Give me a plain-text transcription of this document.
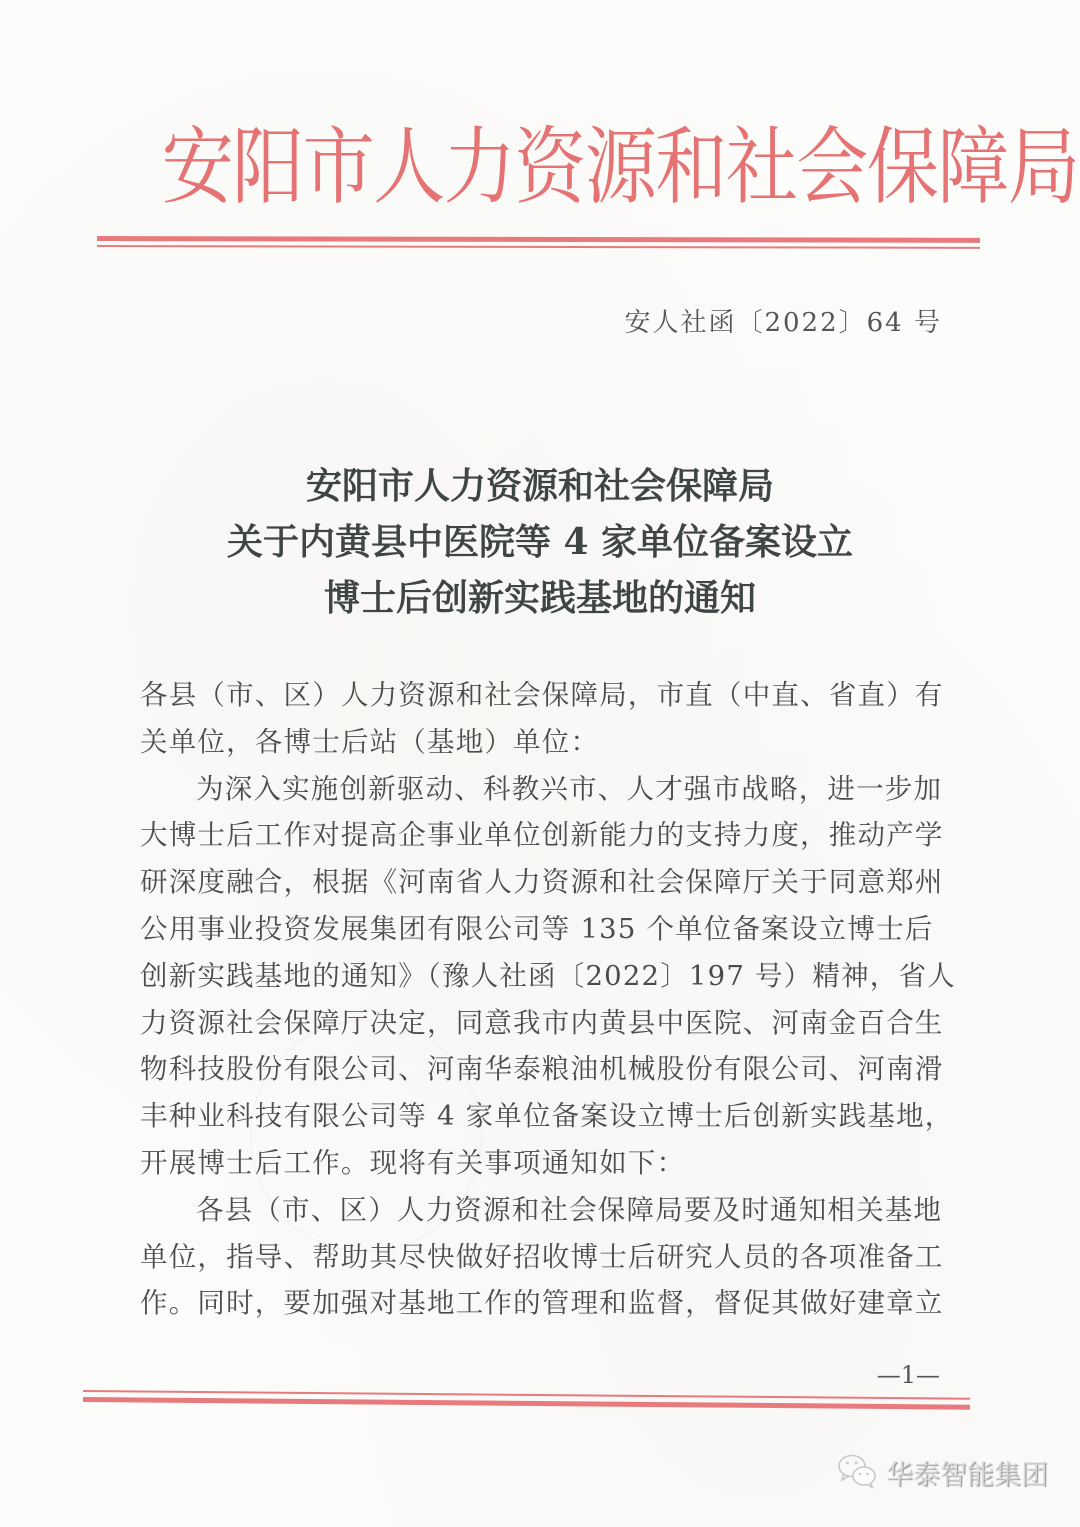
安阳市人力资源和社会保障局
安人社函〔2022〕64 号
安阳市人力资源和社会保障局
关于内黄县中医院等 4 家单位备案设立
博士后创新实践基地的通知
各县（市、区）人力资源和社会保障局，市直（中直、省直）有
关单位，各博士后站（基地）单位：
为深入实施创新驱动、科教兴市、人才强市战略，进一步加
大博士后工作对提高企事业单位创新能力的支持力度，推动产学
研深度融合，根据《河南省人力资源和社会保障厅关于同意郑州
公用事业投资发展集团有限公司等 135 个单位备案设立博士后
创新实践基地的通知》（豫人社函〔2022〕197 号）精神，省人
力资源社会保障厅决定，同意我市内黄县中医院、河南金百合生
物科技股份有限公司、河南华泰粮油机械股份有限公司、河南滑
丰种业科技有限公司等 4 家单位备案设立博士后创新实践基地，
开展博士后工作。现将有关事项通知如下：
各县（市、区）人力资源和社会保障局要及时通知相关基地
单位，指导、帮助其尽快做好招收博士后研究人员的各项准备工
作。同时，要加强对基地工作的管理和监督，督促其做好建章立
—1—
华泰智能集团
